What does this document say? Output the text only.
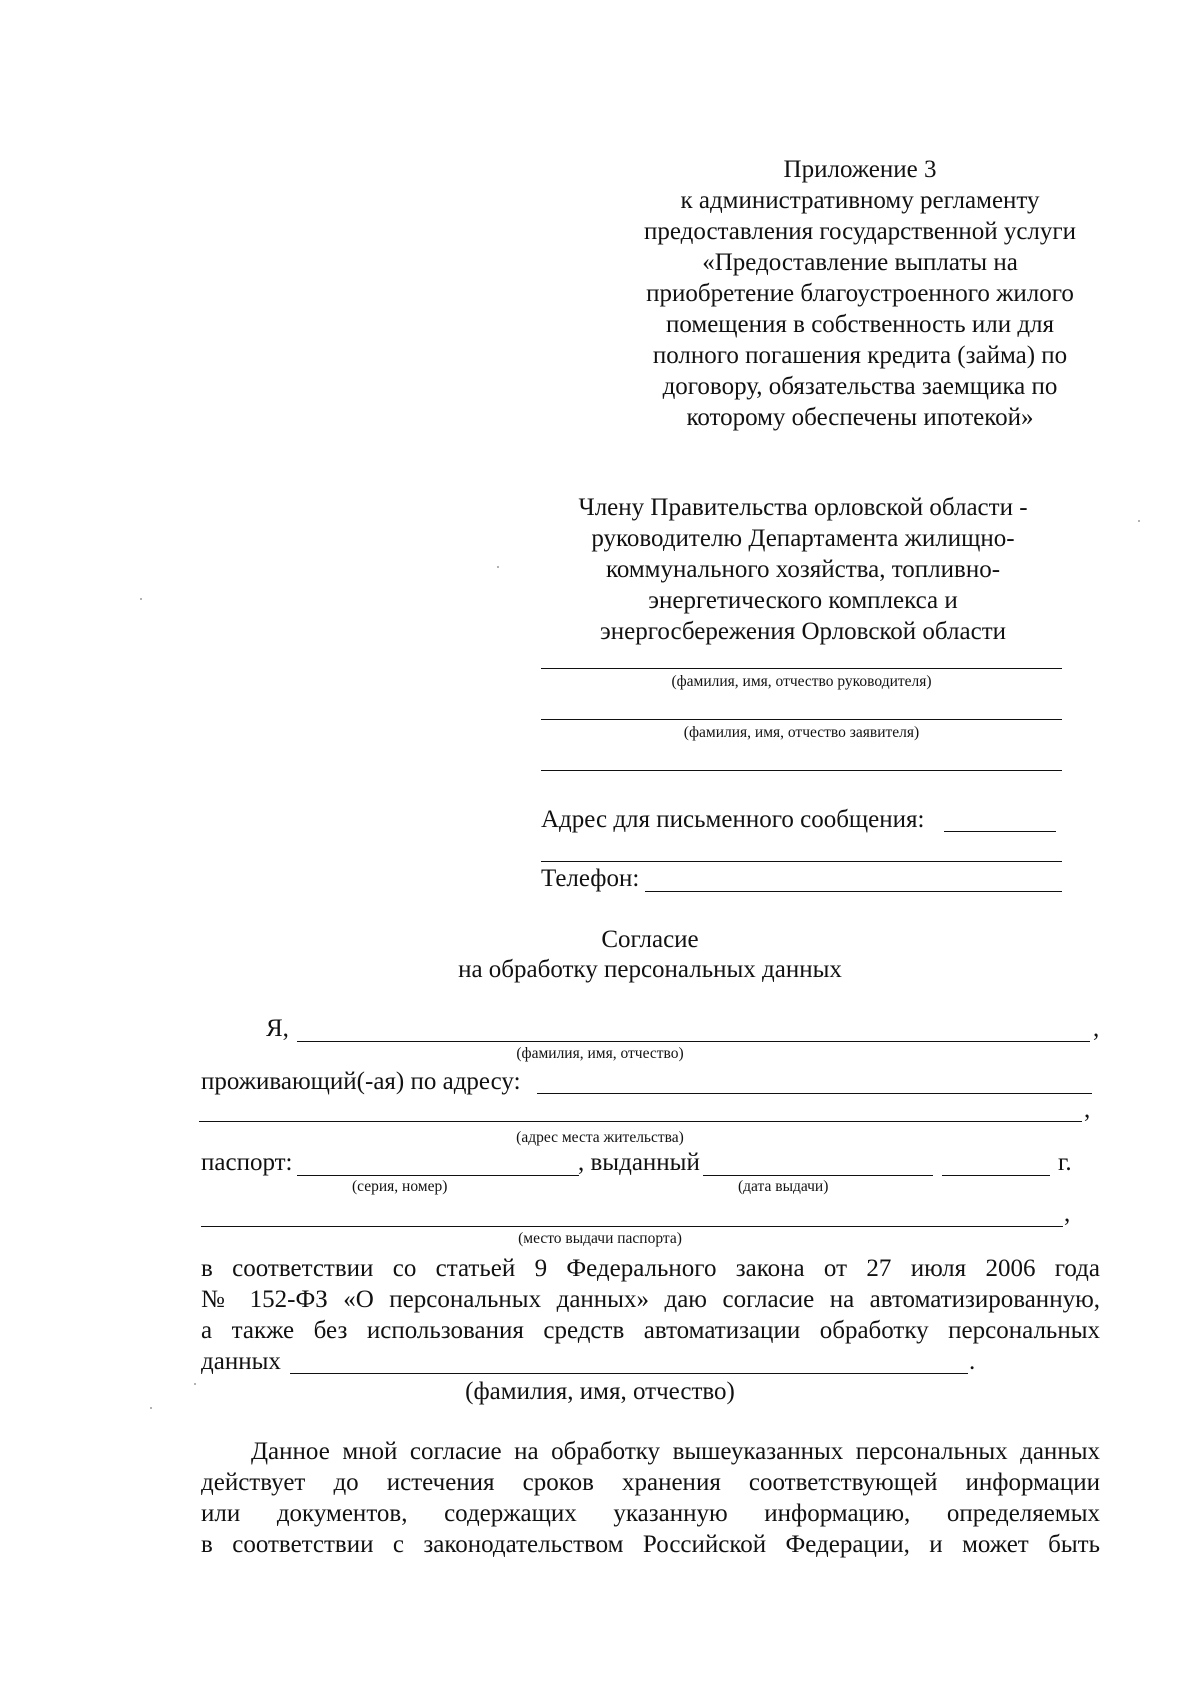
Приложение 3
к административному регламенту
предоставления государственной услуги
«Предоставление выплаты на
приобретение благоустроенного жилого
помещения в собственность или для
полного погашения кредита (займа) по
договору, обязательства заемщика по
которому обеспечены ипотекой»
Члену Правительства орловской области -
руководителю Департамента жилищно-
коммунального хозяйства, топливно-
энергетического комплекса и
энергосбережения Орловской области
(фамилия, имя, отчество руководителя)
(фамилия, имя, отчество заявителя)
Адрес для письменного сообщения:
Телефон:
Согласие
на обработку персональных данных
Я,	,
(фамилия, имя, отчество)
проживающий(-ая) по адресу:
,
(адрес места жительства)
паспорт:	, выданный	г.
(серия, номер)	(дата выдачи)
,
(место выдачи паспорта)
в соответствии со статьей 9 Федерального закона от 27 июля 2006 года
№ 152-ФЗ «О персональных данных» даю согласие на автоматизированную,
а также без использования средств автоматизации обработку персональных
данных	.
(фамилия, имя, отчество)
Данное мной согласие на обработку вышеуказанных персональных данных
действует до истечения сроков хранения соответствующей информации
или документов, содержащих указанную информацию, определяемых
в соответствии с законодательством Российской Федерации, и может быть
